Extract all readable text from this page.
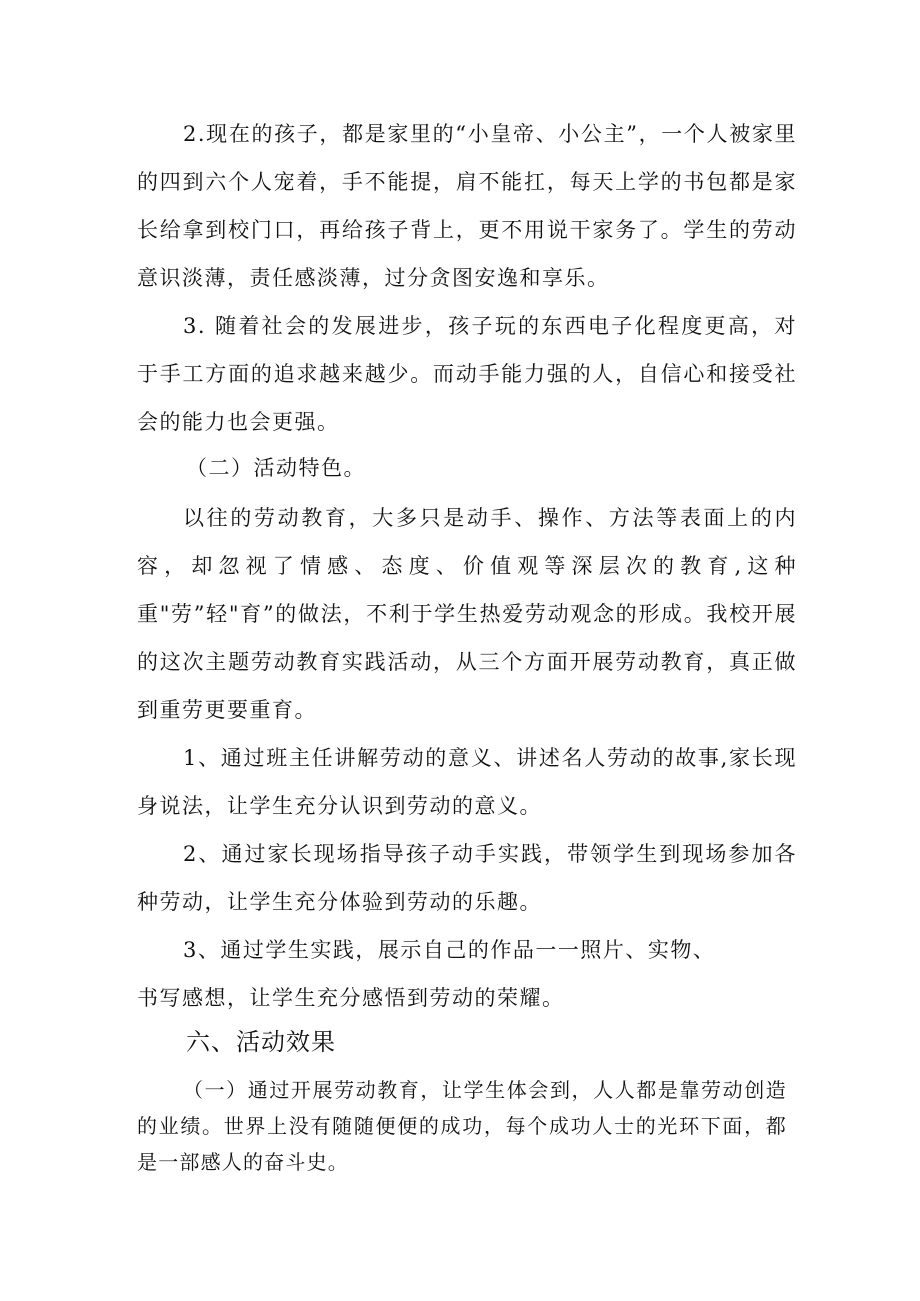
2.现在的孩子，都是家里的“小皇帝、小公主”，一个人被家里的四到六个人宠着，手不能提，肩不能扛，每天上学的书包都是家长给拿到校门口，再给孩子背上，更不用说干家务了。学生的劳动意识淡薄，责任感淡薄，过分贪图安逸和享乐。

3. 随着社会的发展进步，孩子玩的东西电子化程度更高，对于手工方面的追求越来越少。而动手能力强的人，自信心和接受社会的能力也会更强。

（二）活动特色。

以往的劳动教育，大多只是动手、操作、方法等表面上的内容，却忽视了情感、态度、价值观等深层次的教育,这种重"劳”轻"育”的做法，不利于学生热爱劳动观念的形成。我校开展的这次主题劳动教育实践活动，从三个方面开展劳动教育，真正做到重劳更要重育。

1、通过班主任讲解劳动的意义、讲述名人劳动的故事,家长现身说法，让学生充分认识到劳动的意义。

2、通过家长现场指导孩子动手实践，带领学生到现场参加各种劳动，让学生充分体验到劳动的乐趣。

3、通过学生实践，展示自己的作品一一照片、实物、
书写感想，让学生充分感悟到劳动的荣耀。

六、活动效果

（一）通过开展劳动教育，让学生体会到，人人都是靠劳动创造的业绩。世界上没有随随便便的成功，每个成功人士的光环下面，都是一部感人的奋斗史。
